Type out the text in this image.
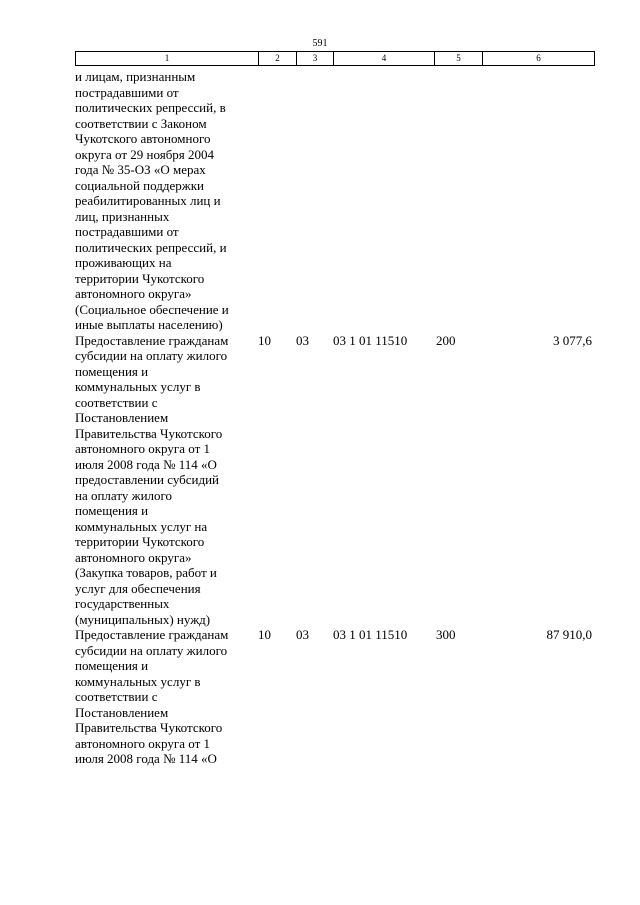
591
1	2	3	4	5	6
и лицам, признанным
пострадавшими от
политических репрессий, в
соответствии с Законом
Чукотского автономного
округа от 29 ноября 2004
года № 35-ОЗ «О мерах
социальной поддержки
реабилитированных лиц и
лиц, признанных
пострадавшими от
политических репрессий, и
проживающих на
территории Чукотского
автономного округа»
(Социальное обеспечение и
иные выплаты населению)
Предоставление гражданам
субсидии на оплату жилого
помещения и
коммунальных услуг в
соответствии с
Постановлением
Правительства Чукотского
автономного округа от 1
июля 2008 года № 114 «О
предоставлении субсидий
на оплату жилого
помещения и
коммунальных услуг на
территории Чукотского
автономного округа»
(Закупка товаров, работ и
услуг для обеспечения
государственных
(муниципальных) нужд)
10	03	03 1 01 11510	200	3 077,6
Предоставление гражданам
субсидии на оплату жилого
помещения и
коммунальных услуг в
соответствии с
Постановлением
Правительства Чукотского
автономного округа от 1
июля 2008 года № 114 «О
10	03	03 1 01 11510	300	87 910,0
